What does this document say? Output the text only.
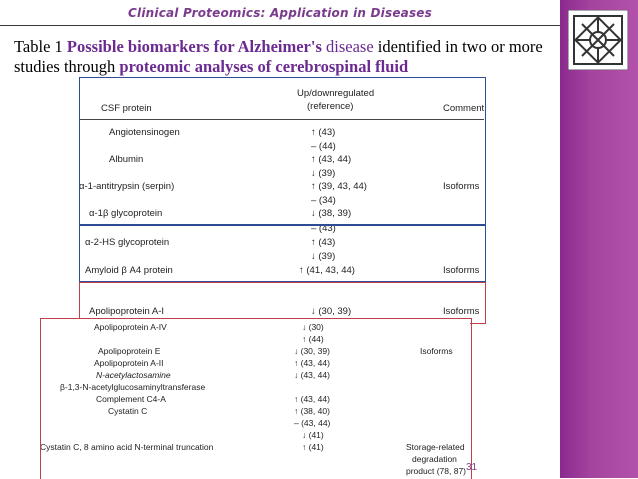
Clinical Proteomics: Application in Diseases
Table 1 Possible biomarkers for Alzheimer's disease identified in two or more studies through proteomic analyses of cerebrospinal fluid
CSF protein
Up/downregulated
(reference)	Comment
Angiotensinogen	↑ (43)
– (44)
Albumin	↑ (43, 44)
↓ (39)
α-1-antitrypsin (serpin)	↑ (39, 43, 44)	Isoforms
– (34)
α-1β glycoprotein	↓ (38, 39)
– (43)
α-2-HS glycoprotein	↑ (43)
↓ (39)
Amyloid β A4 protein	↑ (41, 43, 44)	Isoforms
Apolipoprotein A-I	↓ (30, 39)	Isoforms
Apolipoprotein A-IV	↓ (30)
↑ (44)
Apolipoprotein E	↓ (30, 39)	Isoforms
Apolipoprotein A-II	↑ (43, 44)
N-acetylactosamine	↓ (43, 44)
β-1,3-N-acetylglucosaminyltransferase
Complement C4-A	↑ (43, 44)
Cystatin C	↑ (38, 40)
– (43, 44)
↓ (41)
Cystatin C, 8 amino acid N-terminal truncation	↑ (41)	Storage-related
degradation
product (78, 87) 31
